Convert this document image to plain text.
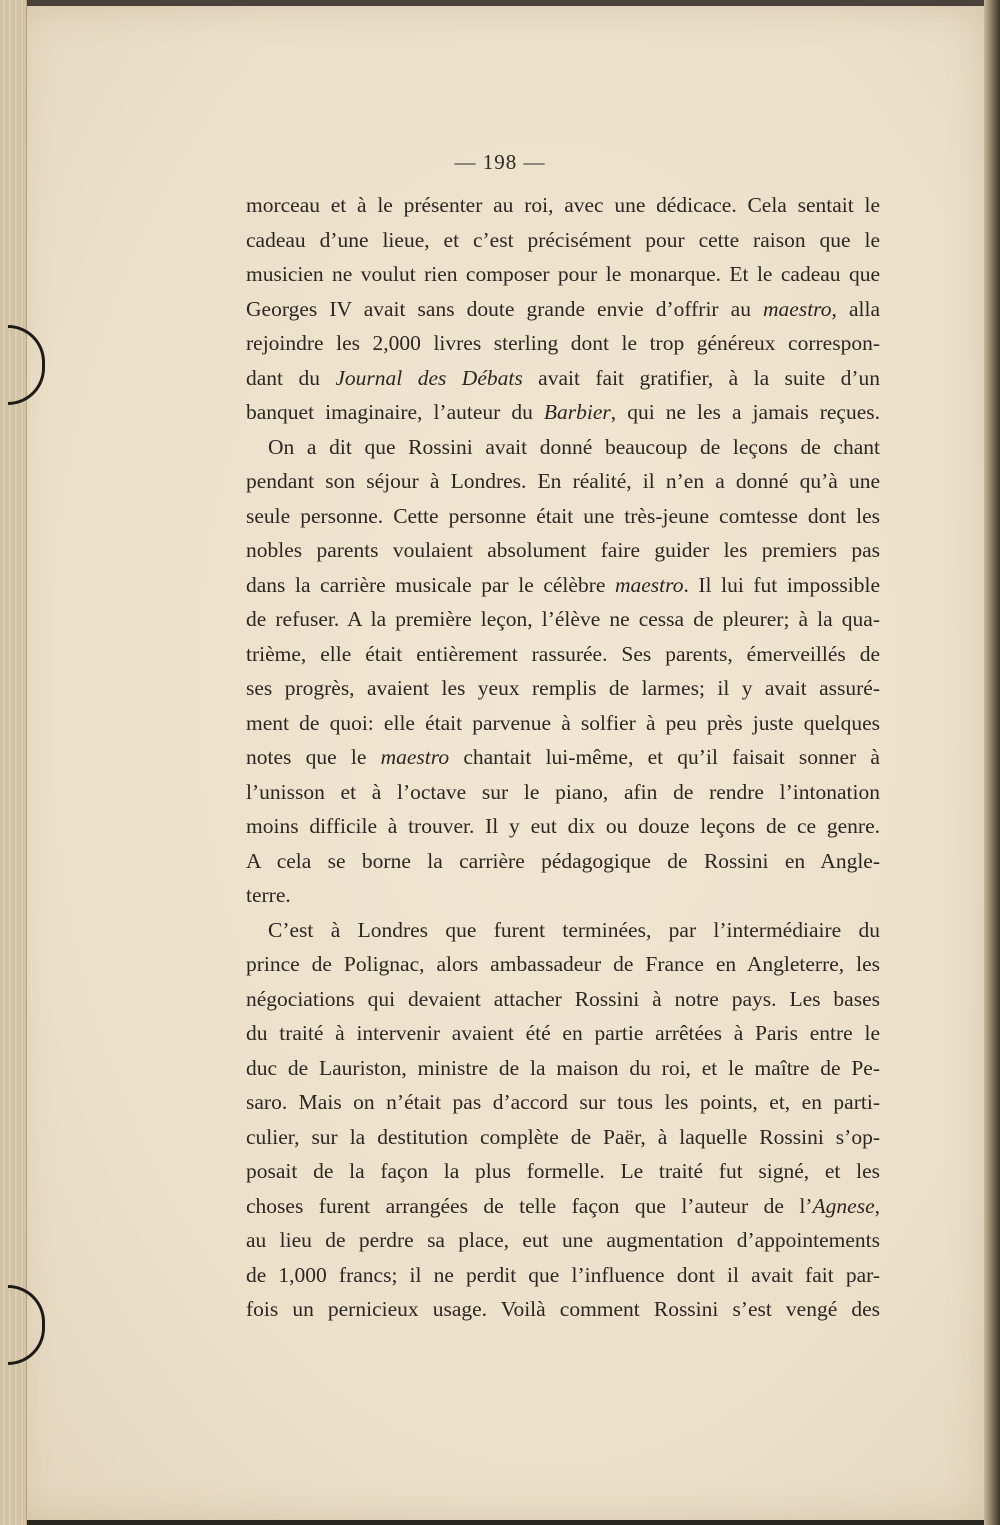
— 198 —
morceau et à le présenter au roi, avec une dédicace. Cela sentait le
cadeau d’une lieue, et c’est précisément pour cette raison que le
musicien ne voulut rien composer pour le monarque. Et le cadeau que
Georges IV avait sans doute grande envie d’offrir au maestro, alla
rejoindre les 2,000 livres sterling dont le trop généreux correspon-
dant du Journal des Débats avait fait gratifier, à la suite d’un
banquet imaginaire, l’auteur du Barbier, qui ne les a jamais reçues.
On a dit que Rossini avait donné beaucoup de leçons de chant
pendant son séjour à Londres. En réalité, il n’en a donné qu’à une
seule personne. Cette personne était une très-jeune comtesse dont les
nobles parents voulaient absolument faire guider les premiers pas
dans la carrière musicale par le célèbre maestro. Il lui fut impossible
de refuser. A la première leçon, l’élève ne cessa de pleurer; à la qua-
trième, elle était entièrement rassurée. Ses parents, émerveillés de
ses progrès, avaient les yeux remplis de larmes; il y avait assuré-
ment de quoi: elle était parvenue à solfier à peu près juste quelques
notes que le maestro chantait lui-même, et qu’il faisait sonner à
l’unisson et à l’octave sur le piano, afin de rendre l’intonation
moins difficile à trouver. Il y eut dix ou douze leçons de ce genre.
A cela se borne la carrière pédagogique de Rossini en Angle-
terre.
C’est à Londres que furent terminées, par l’intermédiaire du
prince de Polignac, alors ambassadeur de France en Angleterre, les
négociations qui devaient attacher Rossini à notre pays. Les bases
du traité à intervenir avaient été en partie arrêtées à Paris entre le
duc de Lauriston, ministre de la maison du roi, et le maître de Pe-
saro. Mais on n’était pas d’accord sur tous les points, et, en parti-
culier, sur la destitution complète de Paër, à laquelle Rossini s’op-
posait de la façon la plus formelle. Le traité fut signé, et les
choses furent arrangées de telle façon que l’auteur de l’Agnese,
au lieu de perdre sa place, eut une augmentation d’appointements
de 1,000 francs; il ne perdit que l’influence dont il avait fait par-
fois un pernicieux usage. Voilà comment Rossini s’est vengé des
